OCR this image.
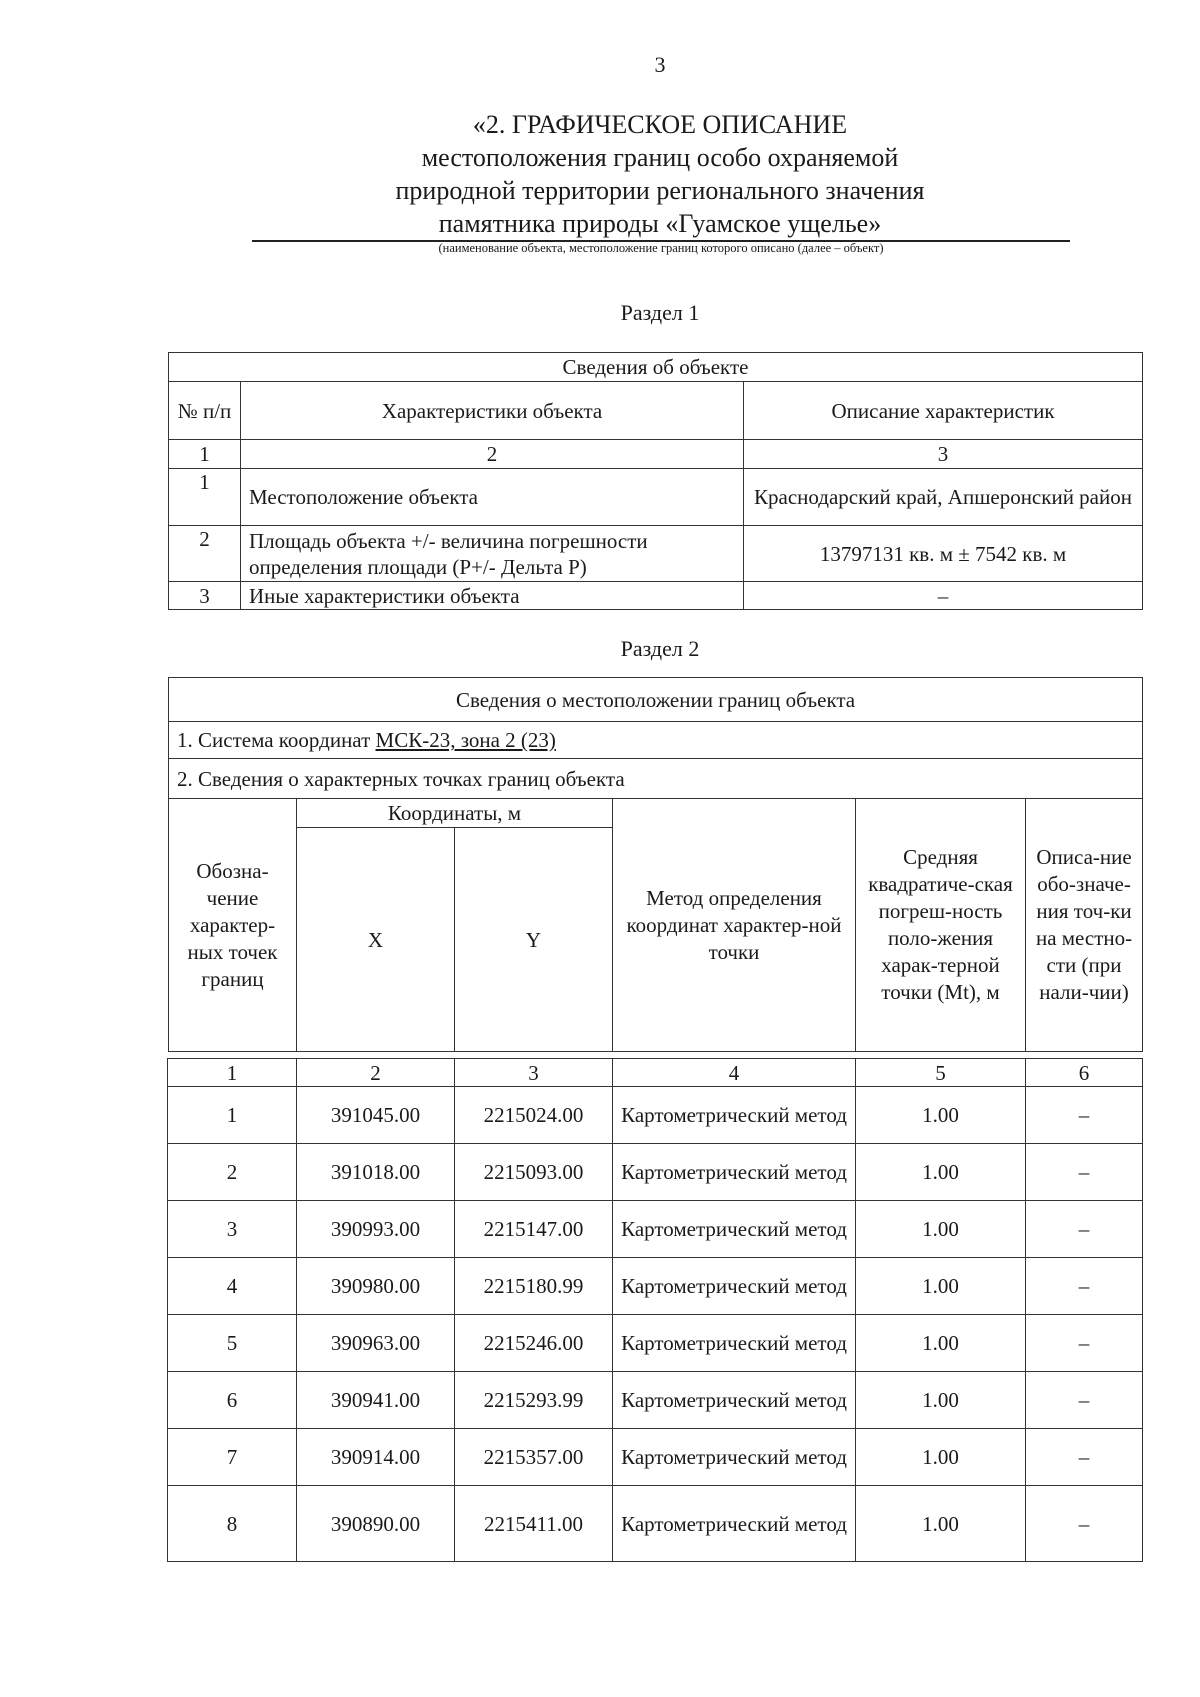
3
«2. ГРАФИЧЕСКОЕ ОПИСАНИЕ
местоположения границ особо охраняемой
природной территории регионального значения
памятника природы «Гуамское ущелье»
(наименование объекта, местоположение границ которого описано (далее – объект)
Раздел 1
Сведения об объекте		
№ п/п	Характеристики объекта	Описание характеристик
1	2	3
1	Местоположение объекта	Краснодарский край, Апшеронский район
2	Площадь объекта +/- величина погрешности определения площади (Р+/- Дельта Р)	13797131 кв. м ± 7542 кв. м
3	Иные характеристики объекта	–
Раздел 2
Сведения о местоположении границ объекта					
1. Система координат МСК-23, зона 2 (23)					
2. Сведения о характерных точках границ объекта					
Обозна-чение характер-ных точек границ	Координаты, м		Метод определения координат характер-ной точки	Средняя квадратиче-ская погреш-ность поло-жения харак-терной точки (Mt), м	Описа-ние обо-значе-ния точ-ки на местно-сти (при нали-чии)
	X	Y			
1	2	3	4	5	6
1	391045.00	2215024.00	Картометрический метод	1.00	–
2	391018.00	2215093.00	Картометрический метод	1.00	–
3	390993.00	2215147.00	Картометрический метод	1.00	–
4	390980.00	2215180.99	Картометрический метод	1.00	–
5	390963.00	2215246.00	Картометрический метод	1.00	–
6	390941.00	2215293.99	Картометрический метод	1.00	–
7	390914.00	2215357.00	Картометрический метод	1.00	–
8	390890.00	2215411.00	Картометрический метод	1.00	–
